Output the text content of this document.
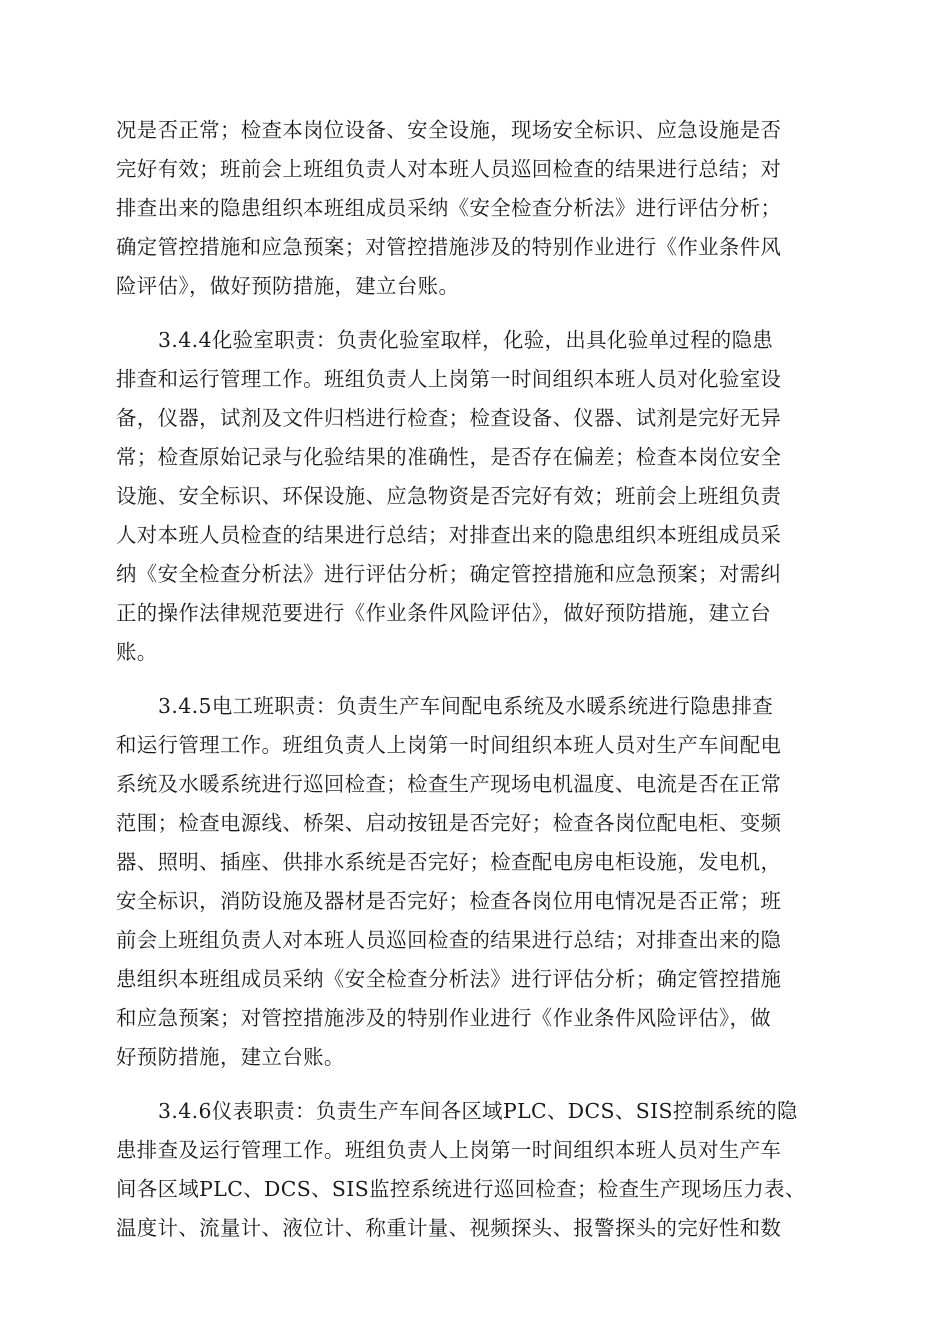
况是否正常；检查本岗位设备、安全设施，现场安全标识、应急设施是否
完好有效；班前会上班组负责人对本班人员巡回检查的结果进行总结；对
排查出来的隐患组织本班组成员采纳《安全检查分析法》进行评估分析；
确定管控措施和应急预案；对管控措施涉及的特别作业进行《作业条件风
险评估》，做好预防措施，建立台账。
3.4.4化验室职责：负责化验室取样，化验，出具化验单过程的隐患
排查和运行管理工作。班组负责人上岗第一时间组织本班人员对化验室设
备，仪器，试剂及文件归档进行检查；检查设备、仪器、试剂是完好无异
常；检查原始记录与化验结果的准确性，是否存在偏差；检查本岗位安全
设施、安全标识、环保设施、应急物资是否完好有效；班前会上班组负责
人对本班人员检查的结果进行总结；对排查出来的隐患组织本班组成员采
纳《安全检查分析法》进行评估分析；确定管控措施和应急预案；对需纠
正的操作法律规范要进行《作业条件风险评估》，做好预防措施，建立台
账。
3.4.5电工班职责：负责生产车间配电系统及水暖系统进行隐患排查
和运行管理工作。班组负责人上岗第一时间组织本班人员对生产车间配电
系统及水暖系统进行巡回检查；检查生产现场电机温度、电流是否在正常
范围；检查电源线、桥架、启动按钮是否完好；检查各岗位配电柜、变频
器、照明、插座、供排水系统是否完好；检查配电房电柜设施，发电机，
安全标识，消防设施及器材是否完好；检查各岗位用电情况是否正常；班
前会上班组负责人对本班人员巡回检查的结果进行总结；对排查出来的隐
患组织本班组成员采纳《安全检查分析法》进行评估分析；确定管控措施
和应急预案；对管控措施涉及的特别作业进行《作业条件风险评估》，做
好预防措施，建立台账。
3.4.6仪表职责：负责生产车间各区域PLC、DCS、SIS控制系统的隐
患排查及运行管理工作。班组负责人上岗第一时间组织本班人员对生产车
间各区域PLC、DCS、SIS监控系统进行巡回检查；检查生产现场压力表、
温度计、流量计、液位计、称重计量、视频探头、报警探头的完好性和数
